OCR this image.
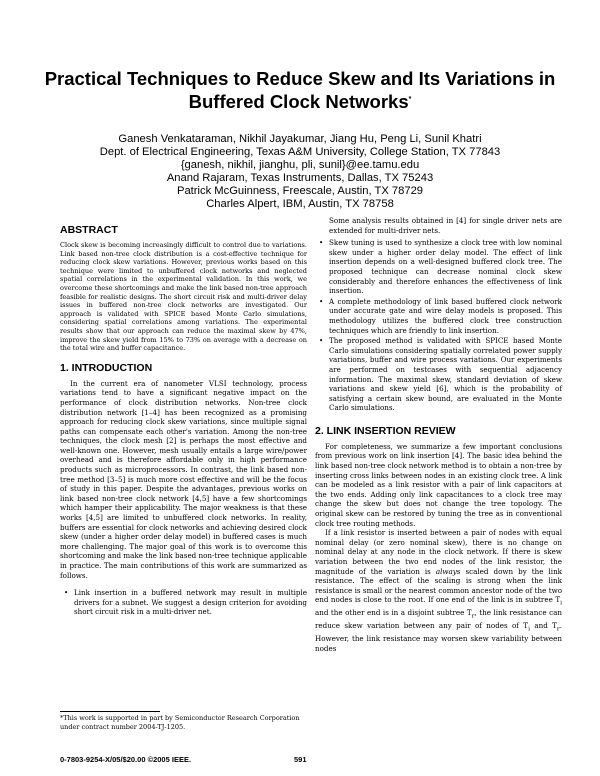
Practical Techniques to Reduce Skew and Its Variations in
Buffered Clock Networks*
Ganesh Venkataraman, Nikhil Jayakumar, Jiang Hu, Peng Li, Sunil Khatri
Dept. of Electrical Engineering, Texas A&M University, College Station, TX 77843
{ganesh, nikhil, jianghu, pli, sunil}@ee.tamu.edu
Anand Rajaram, Texas Instruments, Dallas, TX 75243
Patrick McGuinness, Freescale, Austin, TX 78729
Charles Alpert, IBM, Austin, TX 78758
ABSTRACT

Clock skew is becoming increasingly difficult to control due to variations. Link based non-tree clock distribution is a cost-effective technique for reducing clock skew variations. However, previous works based on this technique were limited to unbuffered clock networks and neglected spatial correlations in the experimental validation. In this work, we overcome these shortcomings and make the link based non-tree approach feasible for realistic designs. The short circuit risk and multi-driver delay issues in buffered non-tree clock networks are investigated. Our approach is validated with SPICE based Monte Carlo simulations, considering spatial correlations among variations. The experimental results show that our approach can reduce the maximal skew by 47%, improve the skew yield from 15% to 73% on average with a decrease on the total wire and buffer capacitance.

1. INTRODUCTION

In the current era of nanometer VLSI technology, process variations tend to have a significant negative impact on the performance of clock distribution networks. Non-tree clock distribution network [1–4] has been recognized as a promising approach for reducing clock skew variations, since multiple signal paths can compensate each other's variation. Among the non-tree techniques, the clock mesh [2] is perhaps the most effective and well-known one. However, mesh usually entails a large wire/power overhead and is therefore affordable only in high performance products such as microprocessors. In contrast, the link based non-tree method [3–5] is much more cost effective and will be the focus of study in this paper. Despite the advantages, previous works on link based non-tree clock network [4,5] have a few shortcomings which hamper their applicability. The major weakness is that these works [4,5] are limited to unbuffered clock networks. In reality, buffers are essential for clock networks and achieving desired clock skew (under a higher order delay model) in buffered cases is much more challenging. The major goal of this work is to overcome this shortcoming and make the link based non-tree technique applicable in practice. The main contributions of this work are summarized as follows.

• Link insertion in a buffered network may result in multiple drivers for a subnet. We suggest a design criterion for avoiding short circuit risk in a multi-driver net.
*This work is supported in part by Semiconductor Research Corporation under contract number 2004-TJ-1205.

Some analysis results obtained in [4] for single driver nets are extended for multi-driver nets.

• Skew tuning is used to synthesize a clock tree with low nominal skew under a higher order delay model. The effect of link insertion depends on a well-designed buffered clock tree. The proposed technique can decrease nominal clock skew considerably and therefore enhances the effectiveness of link insertion.
• A complete methodology of link based buffered clock network under accurate gate and wire delay models is proposed. This methodology utilizes the buffered clock tree construction techniques which are friendly to link insertion.
• The proposed method is validated with SPICE based Monte Carlo simulations considering spatially correlated power supply variations, buffer and wire process variations. Our experiments are performed on testcases with sequential adjacency information. The maximal skew, standard deviation of skew variations and skew yield [6], which is the probability of satisfying a certain skew bound, are evaluated in the Monte Carlo simulations.
2. LINK INSERTION REVIEW

For completeness, we summarize a few important conclusions from previous work on link insertion [4]. The basic idea behind the link based non-tree clock network method is to obtain a non-tree by inserting cross links between nodes in an existing clock tree. A link can be modeled as a link resistor with a pair of link capacitors at the two ends. Adding only link capacitances to a clock tree may change the skew but does not change the tree topology. The original skew can be restored by tuning the tree as in conventional clock tree routing methods.

If a link resistor is inserted between a pair of nodes with equal nominal delay (or zero nominal skew), there is no change on nominal delay at any node in the clock network. If there is skew variation between the two end nodes of the link resistor, the magnitude of the variation is always scaled down by the link resistance. The effect of the scaling is strong when the link resistance is small or the nearest common ancestor node of the two end nodes is close to the root. If one end of the link is in subtree $T_i$ and the other end is in a disjoint subtree $T_r$, the link resistance can reduce skew variation between any pair of nodes of $T_i$ and $T_r$. However, the link resistance may worsen skew variability between nodes

0-7803-9254-X/05/$20.00 ©2005 IEEE.	591
